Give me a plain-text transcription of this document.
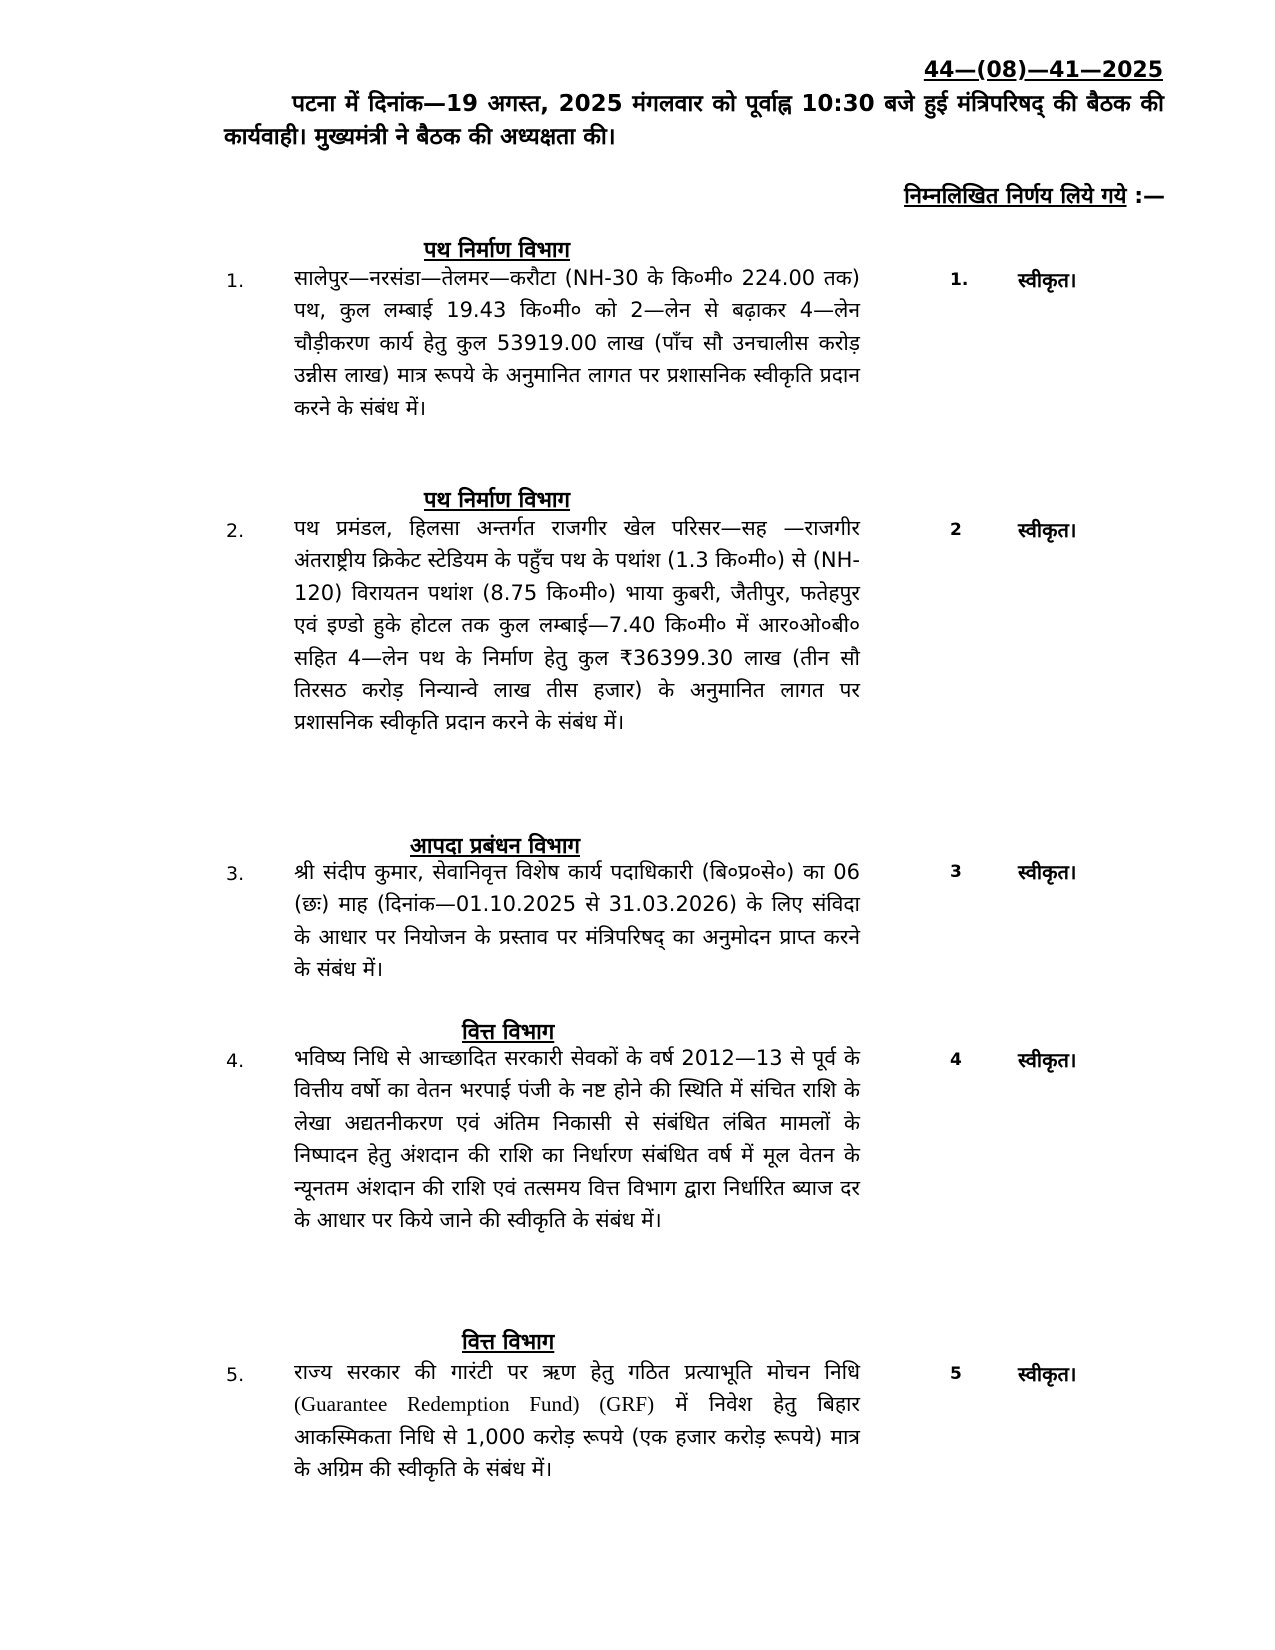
44—(08)—41—2025
पटना में दिनांक—19 अगस्त, 2025 मंगलवार को पूर्वाह्न 10:30 बजे हुई मंत्रिपरिषद् की बैठक की कार्यवाही। मुख्यमंत्री ने बैठक की अध्यक्षता की।
निम्नलिखित निर्णय लिये गये :—
पथ निर्माण विभाग
1. सालेपुर—नरसंडा—तेलमर—करौटा (NH-30 के कि०मी० 224.00 तक) पथ, कुल लम्बाई 19.43 कि०मी० को 2—लेन से बढ़ाकर 4—लेन चौड़ीकरण कार्य हेतु कुल 53919.00 लाख (पाँच सौ उनचालीस करोड़ उन्नीस लाख) मात्र रूपये के अनुमानित लागत पर प्रशासनिक स्वीकृति प्रदान करने के संबंध में।
1. स्वीकृत।
पथ निर्माण विभाग
2. पथ प्रमंडल, हिलसा अन्तर्गत राजगीर खेल परिसर—सह —राजगीर अंतराष्ट्रीय क्रिकेट स्टेडियम के पहुँच पथ के पथांश (1.3 कि०मी०) से (NH-120) विरायतन पथांश (8.75 कि०मी०) भाया कुबरी, जैतीपुर, फतेहपुर एवं इण्डो हुके होटल तक कुल लम्बाई—7.40 कि०मी० में आर०ओ०बी० सहित 4—लेन पथ के निर्माण हेतु कुल ₹36399.30 लाख (तीन सौ तिरसठ करोड़ निन्यान्वे लाख तीस हजार) के अनुमानित लागत पर प्रशासनिक स्वीकृति प्रदान करने के संबंध में।
2	स्वीकृत।
आपदा प्रबंधन विभाग
3. श्री संदीप कुमार, सेवानिवृत्त विशेष कार्य पदाधिकारी (बि०प्र०से०) का 06 (छः) माह (दिनांक—01.10.2025 से 31.03.2026) के लिए संविदा के आधार पर नियोजन के प्रस्ताव पर मंत्रिपरिषद् का अनुमोदन प्राप्त करने के संबंध में।
3	स्वीकृत।
वित्त विभाग
4. भविष्य निधि से आच्छादित सरकारी सेवकों के वर्ष 2012—13 से पूर्व के वित्तीय वर्षो का वेतन भरपाई पंजी के नष्ट होने की स्थिति में संचित राशि के लेखा अद्यतनीकरण एवं अंतिम निकासी से संबंधित लंबित मामलों के निष्पादन हेतु अंशदान की राशि का निर्धारण संबंधित वर्ष में मूल वेतन के न्यूनतम अंशदान की राशि एवं तत्समय वित्त विभाग द्वारा निर्धारित ब्याज दर के आधार पर किये जाने की स्वीकृति के संबंध में।
4	स्वीकृत।
वित्त विभाग
5. राज्य सरकार की गारंटी पर ऋण हेतु गठित प्रत्याभूति मोचन निधि (Guarantee Redemption Fund) (GRF) में निवेश हेतु बिहार आकस्मिकता निधि से 1,000 करोड़ रूपये (एक हजार करोड़ रूपये) मात्र के अग्रिम की स्वीकृति के संबंध में।
5	स्वीकृत।
